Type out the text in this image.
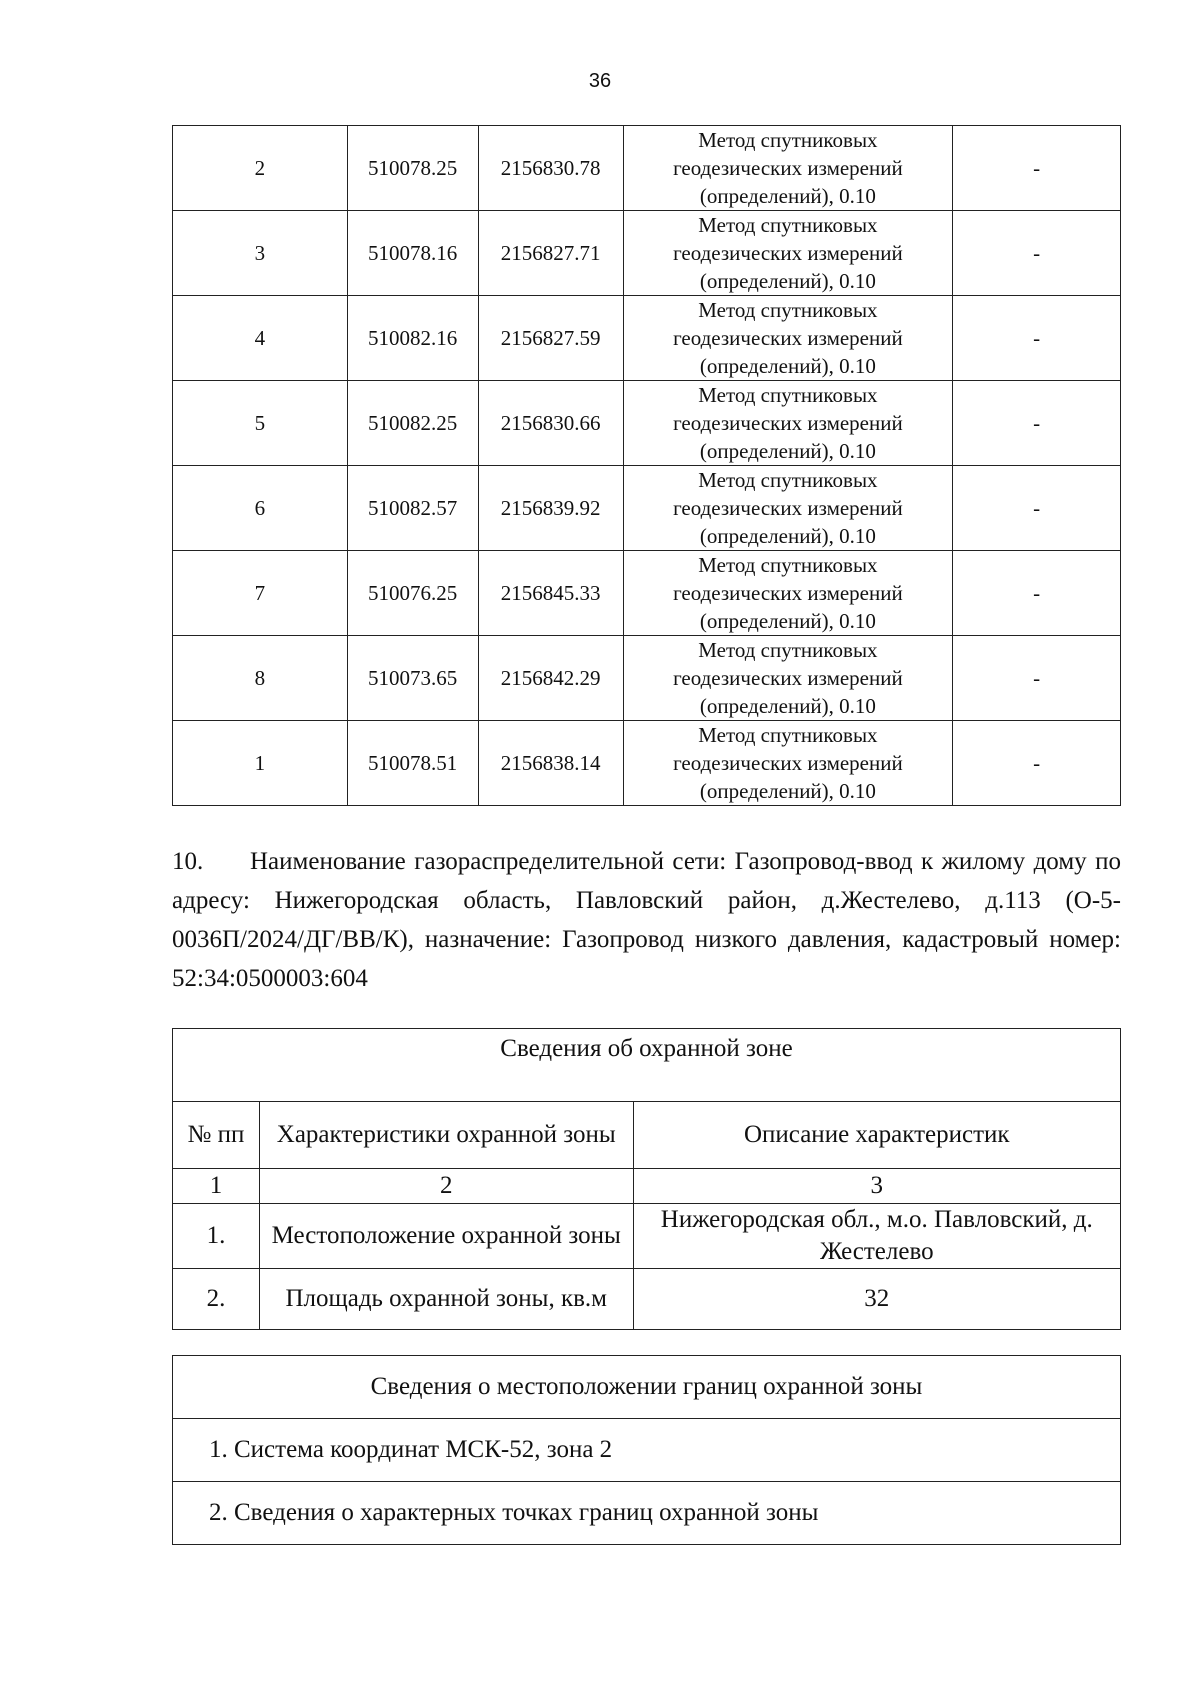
36
2	510078.25	2156830.78	Метод спутниковых
геодезических измерений
(определений), 0.10	-
3	510078.16	2156827.71	Метод спутниковых
геодезических измерений
(определений), 0.10	-
4	510082.16	2156827.59	Метод спутниковых
геодезических измерений
(определений), 0.10	-
5	510082.25	2156830.66	Метод спутниковых
геодезических измерений
(определений), 0.10	-
6	510082.57	2156839.92	Метод спутниковых
геодезических измерений
(определений), 0.10	-
7	510076.25	2156845.33	Метод спутниковых
геодезических измерений
(определений), 0.10	-
8	510073.65	2156842.29	Метод спутниковых
геодезических измерений
(определений), 0.10	-
1	510078.51	2156838.14	Метод спутниковых
геодезических измерений
(определений), 0.10	-
10. Наименование газораспределительной сети: Газопровод-ввод к жилому дому по адресу: Нижегородская область, Павловский район, д.Жестелево, д.113 (О-5-0036П/2024/ДГ/ВВ/К), назначение: Газопровод низкого давления, кадастровый номер: 52:34:0500003:604
Сведения об охранной зоне		
№ пп	Характеристики охранной зоны	Описание характеристик
1	2	3
1.	Местоположение охранной зоны	Нижегородская обл., м.о. Павловский, д. Жестелево
2.	Площадь охранной зоны, кв.м	32
Сведения о местоположении границ охранной зоны
1. Система координат МСК-52, зона 2
2. Сведения о характерных точках границ охранной зоны
